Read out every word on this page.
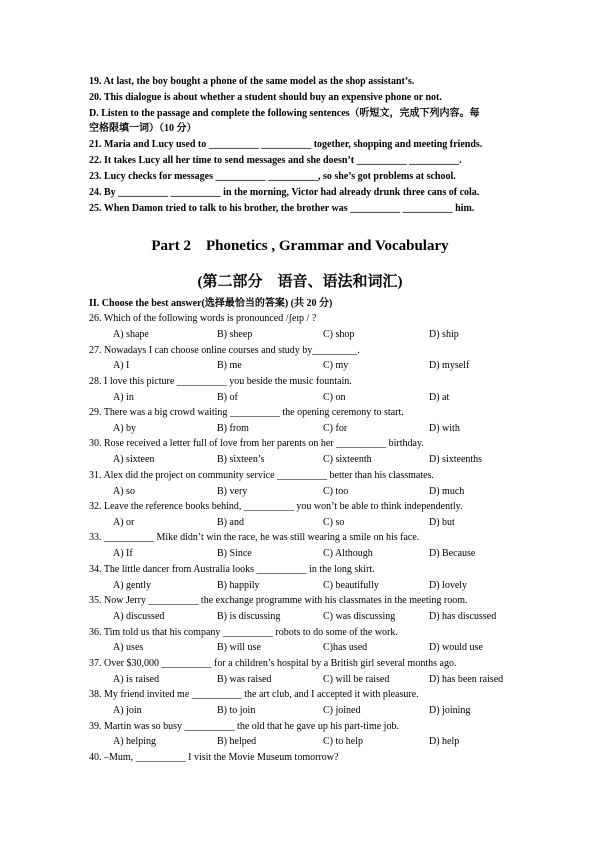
19. At last, the boy bought a phone of the same model as the shop assistant’s.
20. This dialogue is about whether a student should buy an expensive phone or not.
D. Listen to the passage and complete the following sentences（听短文，完成下列内容。每
空格限填一词）（10 分）
21. Maria and Lucy used to __________ __________ together, shopping and meeting friends.
22. It takes Lucy all her time to send messages and she doesn’t __________ __________.
23. Lucy checks for messages __________ __________, so she’s got problems at school.
24. By __________ __________ in the morning, Victor had already drunk three cans of cola.
25. When Damon tried to talk to his brother, the brother was __________ __________ him.
Part 2    Phonetics , Grammar and Vocabulary
(第二部分    语音、语法和词汇)
II. Choose the best answer(选择最恰当的答案) (共 20 分)
26. Which of the following words is pronounced /ʃeɪp / ?
A) shape	B) sheep	C) shop	D) ship
27. Nowadays I can choose online courses and study by_________.
A) I	B) me	C) my	D) myself
28. I love this picture __________ you beside the music fountain.
A) in	B) of	C) on	D) at
29. There was a big crowd waiting __________ the opening ceremony to start.
A) by	B) from	C) for	D) with
30. Rose received a letter full of love from her parents on her __________ birthday.
A) sixteen	B) sixteen’s	C) sixteenth	D) sixteenths
31. Alex did the project on community service __________ better than his classmates.
A) so	B) very	C) too	D) much
32. Leave the reference books behind, __________ you won’t be able to think independently.
A) or	B) and	C) so	D) but
33. __________ Mike didn’t win the race, he was still wearing a smile on his face.
A) If	B) Since	C) Although	D) Because
34. The little dancer from Australia looks __________ in the long skirt.
A) gently	B) happily	C) beautifully	D) lovely
35. Now Jerry __________ the exchange programme with his classmates in the meeting room.
A) discussed	B) is discussing	C) was discussing	D) has discussed
36. Tim told us that his company __________ robots to do some of the work.
A) uses	B) will use	C)has used	D) would use
37. Over $30,000 __________ for a children’s hospital by a British girl several months ago.
A) is raised	B) was raised	C) will be raised	D) has been raised
38. My friend invited me __________ the art club, and I accepted it with pleasure.
A) join	B) to join	C) joined	D) joining
39. Martin was so busy __________ the old that he gave up his part-time job.
A) helping	B) helped	C) to help	D) help
40. –Mum, __________ I visit the Movie Museum tomorrow?
